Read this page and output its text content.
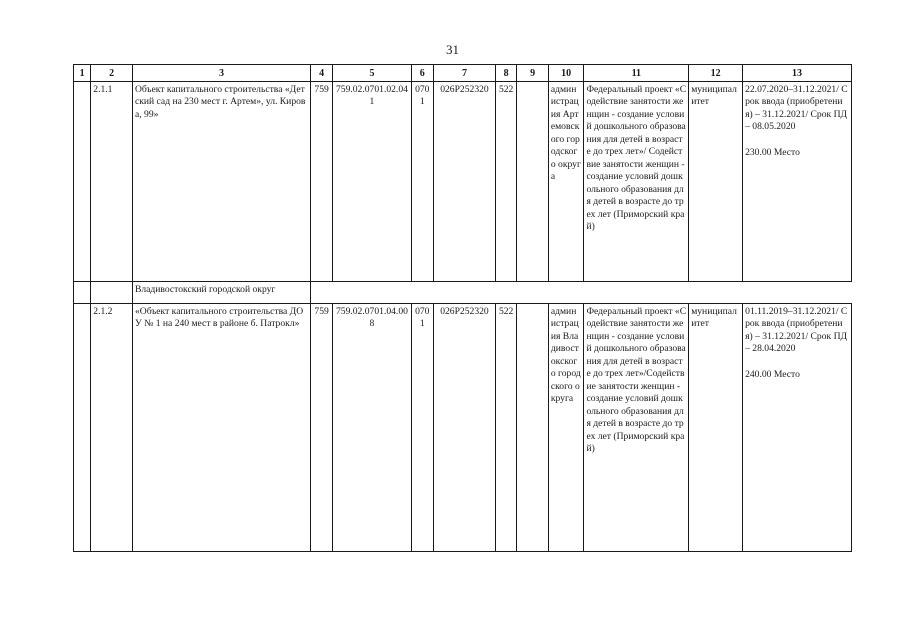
31
1	2	3	4	5	6	7	8	9	10	11	12	13
	2.1.1	Объект капитального строительства «Детский сад на 230 мест г. Артем», ул. Кирова, 99»	759	759.02.0701.02.041	0701	026P252320	522		администрация Артемовского городского округа	Федеральный проект «Содействие занятости женщин - создание условий дошкольного образования для детей в возрасте до трех лет»/ Содействие занятости женщин - создание условий дошкольного образования для детей в возрасте до трех лет (Приморский край)	муниципалитет	22.07.2020–31.12.2021/ Срок ввода (приобретения) – 31.12.2021/ Срок ПД – 08.05.2020
230.00 Место
		Владивостокский городской округ										
	2.1.2	«Объект капитального строительства ДОУ № 1 на 240 мест в районе б. Патрокл»	759	759.02.0701.04.008	0701	026P252320	522		администрация Владивостокского городского округа	Федеральный проект «Содействие занятости женщин - создание условий дошкольного образования для детей в возрасте до трех лет»/Содействие занятости женщин - создание условий дошкольного образования для детей в возрасте до трех лет (Приморский край)	муниципалитет	01.11.2019–31.12.2021/ Срок ввода (приобретения) – 31.12.2021/ Срок ПД – 28.04.2020
240.00 Место
